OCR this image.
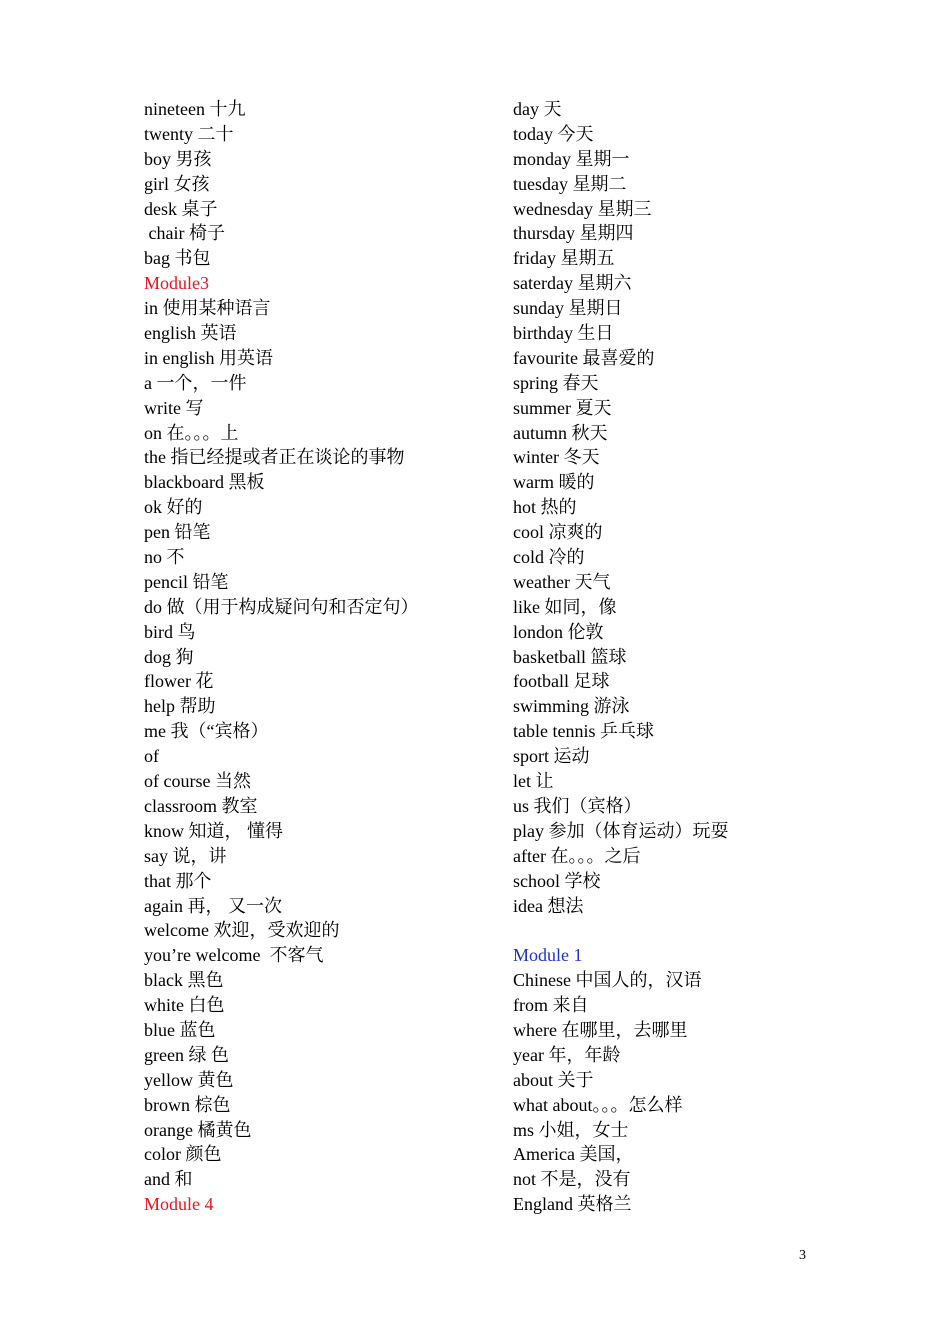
nineteen 十九
twenty 二十
boy 男孩
girl 女孩
desk 桌子
chair 椅子
bag 书包
Module3
in 使用某种语言
english 英语
in english 用英语
a 一个，一件
write 写
on 在。。。上
the 指已经提或者正在谈论的事物
blackboard 黑板
ok 好的
pen 铅笔
no 不
pencil 铅笔
do 做（用于构成疑问句和否定句）
bird 鸟
dog 狗
flower 花
help 帮助
me 我（“宾格）
of
of course 当然
classroom 教室
know 知道， 懂得
say 说，讲
that 那个
again 再， 又一次
welcome 欢迎，受欢迎的
you’re welcome  不客气
black 黑色
white 白色
blue 蓝色
green 绿 色
yellow 黄色
brown 棕色
orange 橘黄色
color 颜色
and 和
Module 4
day 天
today 今天
monday 星期一
tuesday 星期二
wednesday 星期三
thursday 星期四
friday 星期五
saterday 星期六
sunday 星期日
birthday 生日
favourite 最喜爱的
spring 春天
summer 夏天
autumn 秋天
winter 冬天
warm 暖的
hot 热的
cool 凉爽的
cold 冷的
weather 天气
like 如同，像
london 伦敦
basketball 篮球
football 足球
swimming 游泳
table tennis 乒乓球
sport 运动
let 让
us 我们（宾格）
play 参加（体育运动）玩耍
after 在。。。之后
school 学校
idea 想法
Module 1
Chinese 中国人的，汉语
from 来自
where 在哪里，去哪里
year 年，年龄
about 关于
what about。。。怎么样
ms 小姐，女士
America 美国，
not 不是，没有
England 英格兰
3
